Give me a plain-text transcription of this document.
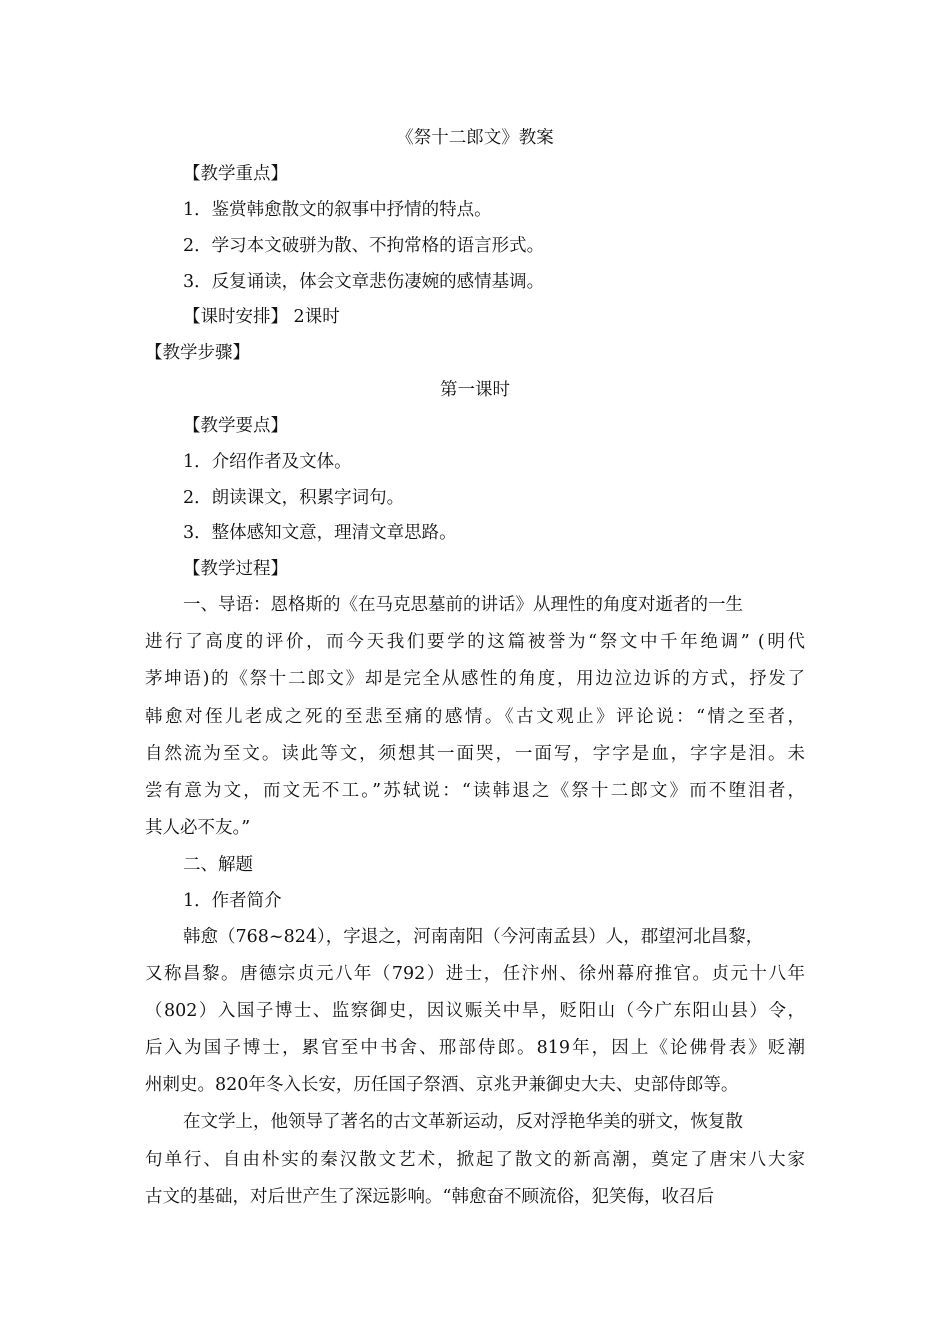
《祭十二郎文》教案
【教学重点】
1．鉴赏韩愈散文的叙事中抒情的特点。
2．学习本文破骈为散、不拘常格的语言形式。
3．反复诵读，体会文章悲伤凄婉的感情基调。
【课时安排】 2课时
【教学步骤】
第一课时
【教学要点】
1．介绍作者及文体。
2．朗读课文，积累字词句。
3．整体感知文意，理清文章思路。
【教学过程】
一、导语：恩格斯的《在马克思墓前的讲话》从理性的角度对逝者的一生
进行了高度的评价，而今天我们要学的这篇被誉为“祭文中千年绝调” (明代
茅坤语)的《祭十二郎文》却是完全从感性的角度，用边泣边诉的方式，抒发了
韩愈对侄儿老成之死的至悲至痛的感情。《古文观止》评论说：“情之至者，
自然流为至文。读此等文，须想其一面哭，一面写，字字是血，字字是泪。未
尝有意为文，而文无不工。”苏轼说：“读韩退之《祭十二郎文》而不堕泪者，
其人必不友。”
二、解题
1．作者简介
韩愈（768~824），字退之，河南南阳（今河南孟县）人，郡望河北昌黎，
又称昌黎。唐德宗贞元八年（792）进士，任汴州、徐州幕府推官。贞元十八年
（802）入国子博士、监察御史，因议赈关中旱，贬阳山（今广东阳山县）令，
后入为国子博士，累官至中书舍、邢部侍郎。819年，因上《论佛骨表》贬潮
州刺史。820年冬入长安，历任国子祭酒、京兆尹兼御史大夫、史部侍郎等。
在文学上，他领导了著名的古文革新运动，反对浮艳华美的骈文，恢复散
句单行、自由朴实的秦汉散文艺术，掀起了散文的新高潮，奠定了唐宋八大家
古文的基础，对后世产生了深远影响。“韩愈奋不顾流俗，犯笑侮，收召后
